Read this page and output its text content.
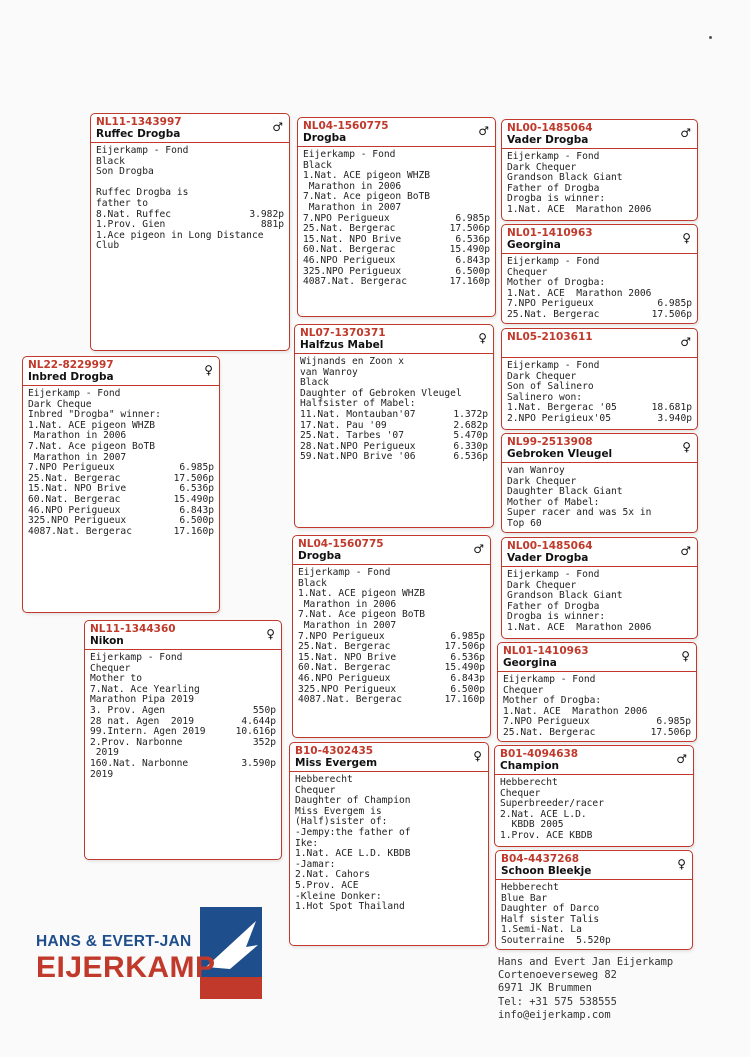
NL11-1343997
Ruffec Drogba	♂
Eijerkamp - Fond
Black
Son Drogba

Ruffec Drogba is
father to
8.Nat. Ruffec	3.982p
1.Prov. Gien	881p
1.Ace pigeon in Long Distance
Club
NL04-1560775
Drogba	♂
Eijerkamp - Fond
Black
1.Nat. ACE pigeon WHZB
Marathon in 2006
7.Nat. Ace pigeon BoTB
Marathon in 2007
7.NPO Perigueux	6.985p
25.Nat. Bergerac	17.506p
15.Nat. NPO Brive	6.536p
60.Nat. Bergerac	15.490p
46.NPO Perigueux	6.843p
325.NPO Perigueux	6.500p
4087.Nat. Bergerac	17.160p
NL00-1485064
Vader Drogba	♂
Eijerkamp - Fond
Dark Chequer
Grandson Black Giant
Father of Drogba
Drogba is winner:
1.Nat. ACE  Marathon 2006
NL01-1410963
Georgina	♀
Eijerkamp - Fond
Chequer
Mother of Drogba:
1.Nat. ACE  Marathon 2006
7.NPO Perigueux	6.985p
25.Nat. Bergerac	17.506p
NL07-1370371
Halfzus Mabel	♀
Wijnands en Zoon x
van Wanroy
Black
Daughter of Gebroken Vleugel
Halfsister of Mabel:
11.Nat. Montauban'07	1.372p
17.Nat. Pau '09	2.682p
25.Nat. Tarbes '07	5.470p
28.Nat.NPO Perigueux	6.330p
59.Nat.NPO Brive '06	6.536p
NL05-2103611
	♂
Eijerkamp - Fond
Dark Chequer
Son of Salinero
Salinero won:
1.Nat. Bergerac '05	18.681p
2.NPO Perigieux'05	3.940p
NL22-8229997
Inbred Drogba	♀
Eijerkamp - Fond
Dark Cheque
Inbred "Drogba" winner:
1.Nat. ACE pigeon WHZB
Marathon in 2006
7.Nat. Ace pigeon BoTB
Marathon in 2007
7.NPO Perigueux	6.985p
25.Nat. Bergerac	17.506p
15.Nat. NPO Brive	6.536p
60.Nat. Bergerac	15.490p
46.NPO Perigueux	6.843p
325.NPO Perigueux	6.500p
4087.Nat. Bergerac	17.160p
NL99-2513908
Gebroken Vleugel	♀
van Wanroy
Dark Chequer
Daughter Black Giant
Mother of Mabel:
Super racer and was 5x in
Top 60
NL04-1560775
Drogba	♂
Eijerkamp - Fond
Black
1.Nat. ACE pigeon WHZB
Marathon in 2006
7.Nat. Ace pigeon BoTB
Marathon in 2007
7.NPO Perigueux	6.985p
25.Nat. Bergerac	17.506p
15.Nat. NPO Brive	6.536p
60.Nat. Bergerac	15.490p
46.NPO Perigueux	6.843p
325.NPO Perigueux	6.500p
4087.Nat. Bergerac	17.160p
NL00-1485064
Vader Drogba	♂
Eijerkamp - Fond
Dark Chequer
Grandson Black Giant
Father of Drogba
Drogba is winner:
1.Nat. ACE  Marathon 2006
NL11-1344360
Nikon	♀
Eijerkamp - Fond
Chequer
Mother to
7.Nat. Ace Yearling
Marathon Pipa 2019
3. Prov. Agen	550p
28 nat. Agen  2019	4.644p
99.Intern. Agen 2019	10.616p
2.Prov. Narbonne	352p
2019
160.Nat. Narbonne	3.590p
2019
NL01-1410963
Georgina	♀
Eijerkamp - Fond
Chequer
Mother of Drogba:
1.Nat. ACE  Marathon 2006
7.NPO Perigueux	6.985p
25.Nat. Bergerac	17.506p
B10-4302435
Miss Evergem	♀
Hebberecht
Chequer
Daughter of Champion
Miss Evergem is
(Half)sister of:
-Jempy:the father of
Ike:
1.Nat. ACE L.D. KBDB
-Jamar:
2.Nat. Cahors
5.Prov. ACE
-Kleine Donker:
1.Hot Spot Thailand
B01-4094638
Champion	♂
Hebberecht
Chequer
Superbreeder/racer
2.Nat. ACE L.D.
KBDB 2005
1.Prov. ACE KBDB
B04-4437268
Schoon Bleekje	♀
Hebberecht
Blue Bar
Daughter of Darco
Half sister Talis
1.Semi-Nat. La
Souterraine  5.520p
HANS & EVERT-JAN
EIJERKAMP	Hans and Evert Jan Eijerkamp
Cortenoeverseweg 82
6971 JK Brummen
Tel: +31 575 538555
info@eijerkamp.com
